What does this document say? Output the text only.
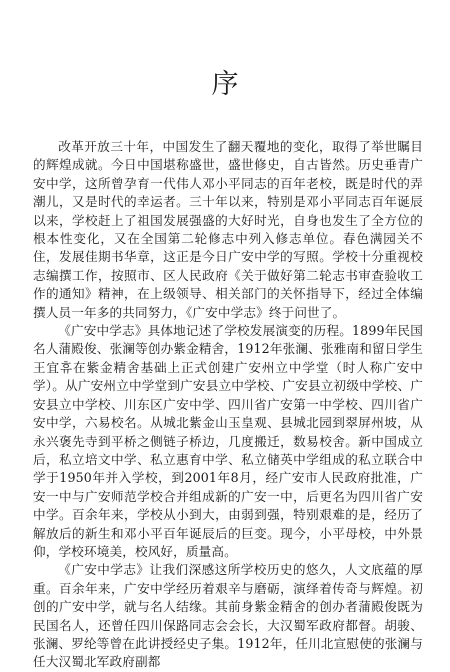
序

改革开放三十年，中国发生了翻天覆地的变化，取得了举世瞩目的辉煌成就。今日中国堪称盛世，盛世修史，自古皆然。历史垂青广安中学，这所曾孕育一代伟人邓小平同志的百年老校，既是时代的弄潮儿，又是时代的幸运者。三十年以来，特别是邓小平同志百年诞辰以来，学校赶上了祖国发展强盛的大好时光，自身也发生了全方位的根本性变化，又在全国第二轮修志中列入修志单位。春色满园关不住，发展佳期书华章，这正是今日广安中学的写照。学校十分重视校志编撰工作，按照市、区人民政府《关于做好第二轮志书审查验收工作的通知》精神，在上级领导、相关部门的关怀指导下，经过全体编撰人员一年多的共同努力，《广安中学志》终于问世了。

《广安中学志》具体地记述了学校发展演变的历程。1899年民国名人蒲殿俊、张澜等创办紫金精舍，1912年张澜、张雅南和留日学生王宜휴在紫金精舍基础上正式创建广安州立中学堂（时人称广安中学）。从广安州立中学堂到广安县立中学校、广安县立初级中学校、广安县立中学校、川东区广安中学、四川省广安第一中学校、四川省广安中学，六易校名。从城北紫金山玉皇观、县城北园到翠屏州坡，从永兴褒先寺到平桥之侧链子桥边，几度搬迁，数易校舍。新中国成立后，私立培文中学、私立惠育中学、私立储英中学组成的私立联合中学于1950年并入学校，到2001年8月，经广安市人民政府批准，广安一中与广安师范学校合并组成新的广安一中，后更名为四川省广安中学。百余年来，学校从小到大，由弱到强，特别艰难的是，经历了解放后的新生和邓小平百年诞辰后的巨变。现今，小平母校，中外景仰，学校环境美，校风好，质量高。

《广安中学志》让我们深感这所学校历史的悠久，人文底蕴的厚重。百余年来，广安中学经历着艰辛与磨砺，演绎着传奇与辉煌。初创的广安中学，就与名人结缘。其前身紫金精舍的创办者蒲殿俊既为民国名人，还曾任四川保路同志会会长，大汉蜀军政府都督。胡骏、张澜、罗纶等曾在此讲授经史子集。1912年，任川北宣慰使的张澜与任大汉蜀北军政府副都
